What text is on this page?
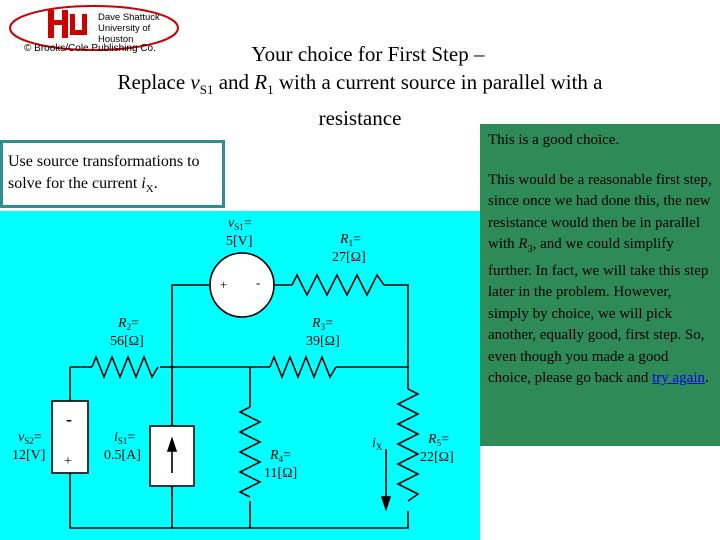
Dave Shattuck
University of Houston
© Brooks/Cole Publishing Co.	Your choice for First Step –
Replace $v_{S1}$ and $R_1$ with a current source in parallel with a
resistance
Use source transformations to solve for the current $i_X$.
$v_{S1}=$
5[V]
+ -
$R_1=$
27[Ω]
$R_2=$
56[Ω]
$R_3=$
39[Ω]
$R_4=$
11[Ω]
$R_5=$
22[Ω]
$v_{S2}=$
12[V]
-
+
$i_{S1}=$
0.5[A]
$i_X$

This is a good choice.

This would be a reasonable first step, since once we had done this, the new resistance would then be in parallel with $R_3$, and we could simplify further. In fact, we will take this step later in the problem. However, simply by choice, we will pick another, equally good, first step. So, even though you made a good choice, please go back and try again.
